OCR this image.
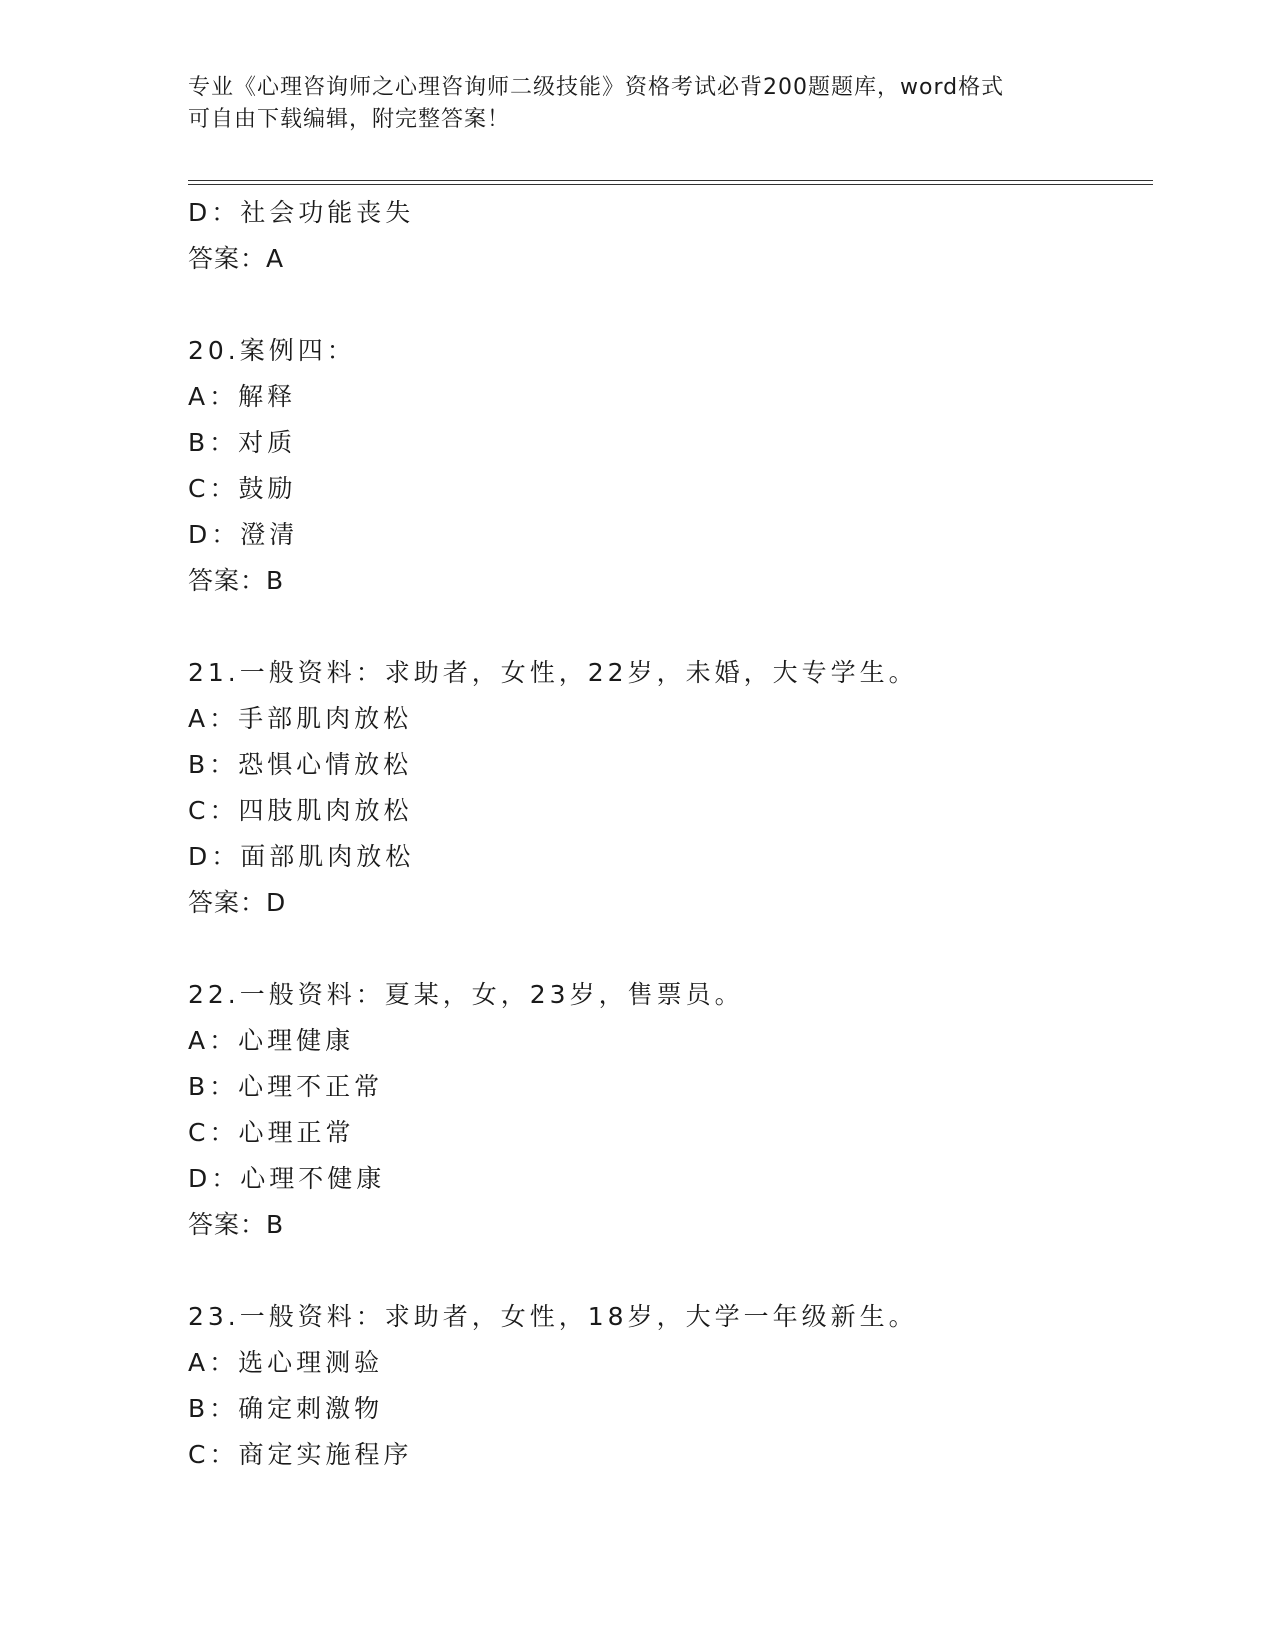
专业《心理咨询师之心理咨询师二级技能》资格考试必背200题题库，word格式
可自由下载编辑，附完整答案！
D：社会功能丧失
答案：A
20.案例四：
A：解释
B：对质
C：鼓励
D：澄清
答案：B
21.一般资料：求助者，女性，22岁，未婚，大专学生。
A：手部肌肉放松
B：恐惧心情放松
C：四肢肌肉放松
D：面部肌肉放松
答案：D
22.一般资料：夏某，女，23岁，售票员。
A：心理健康
B：心理不正常
C：心理正常
D：心理不健康
答案：B
23.一般资料：求助者，女性，18岁，大学一年级新生。
A：选心理测验
B：确定刺激物
C：商定实施程序
